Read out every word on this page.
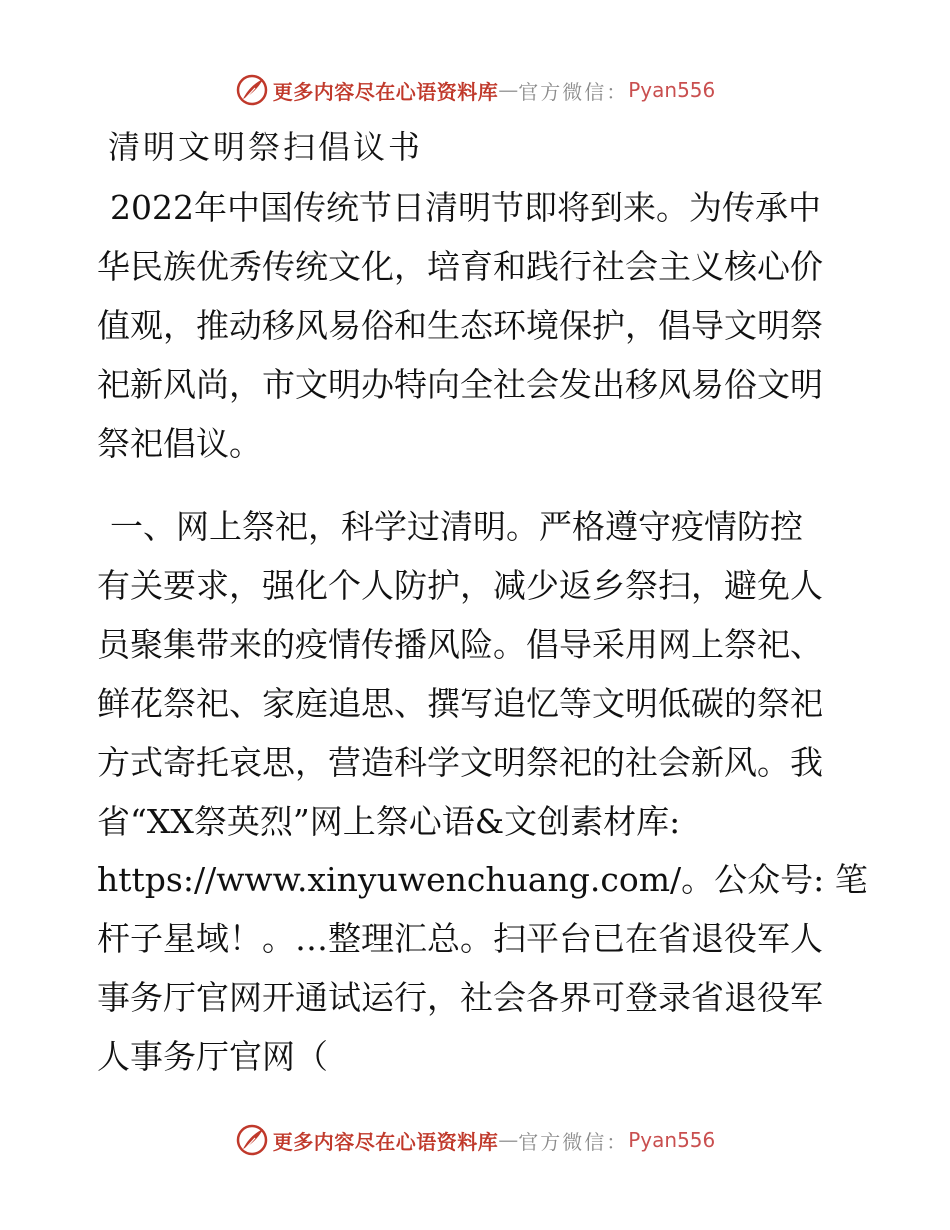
更多内容尽在心语资料库 — 官方微信： Pyan556
清明文明祭扫倡议书

2022年中国传统节日清明节即将到来。为传承中

华民族优秀传统文化，培育和践行社会主义核心价

值观，推动移风易俗和生态环境保护，倡导文明祭

祀新风尚，市文明办特向全社会发出移风易俗文明

祭祀倡议。

一、网上祭祀，科学过清明。严格遵守疫情防控

有关要求，强化个人防护，减少返乡祭扫，避免人

员聚集带来的疫情传播风险。倡导采用网上祭祀、

鲜花祭祀、家庭追思、撰写追忆等文明低碳的祭祀

方式寄托哀思，营造科学文明祭祀的社会新风。我

省“XX祭英烈”网上祭心语&文创素材库:

https://www.xinyuwenchuang.com/。公众号: 笔

杆子星域！。…整理汇总。扫平台已在省退役军人

事务厅官网开通试运行，社会各界可登录省退役军

人事务厅官网（

更多内容尽在心语资料库 — 官方微信： Pyan556
